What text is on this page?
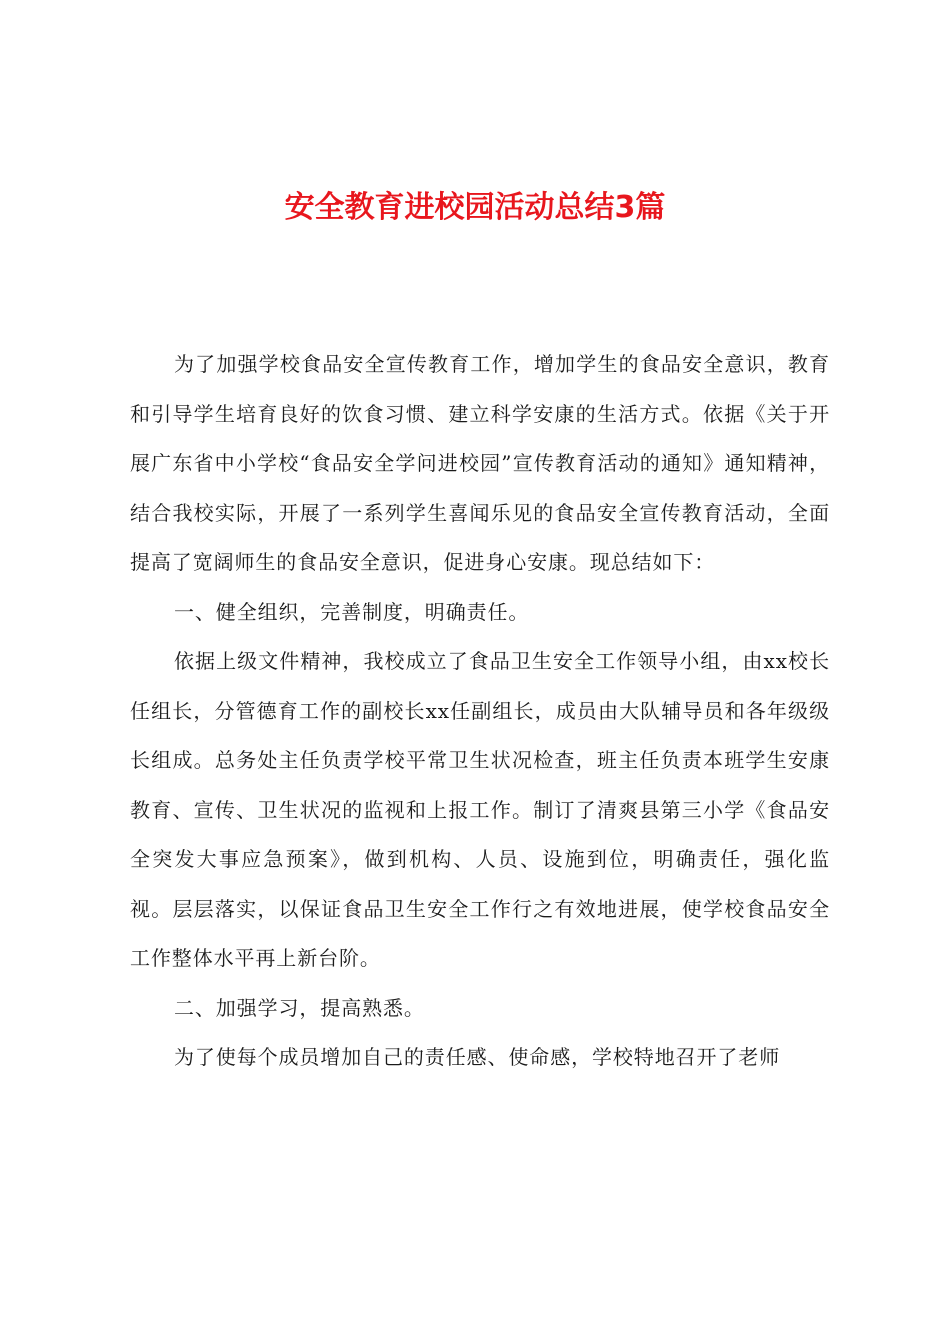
安全教育进校园活动总结3篇

为了加强学校食品安全宣传教育工作，增加学生的食品安全意识，教育和引导学生培育良好的饮食习惯、建立科学安康的生活方式。依据《关于开展广东省中小学校“食品安全学问进校园”宣传教育活动的通知》通知精神，结合我校实际，开展了一系列学生喜闻乐见的食品安全宣传教育活动，全面提高了宽阔师生的食品安全意识，促进身心安康。现总结如下：

一、健全组织，完善制度，明确责任。

依据上级文件精神，我校成立了食品卫生安全工作领导小组，由xx校长任组长，分管德育工作的副校长xx任副组长，成员由大队辅导员和各年级级长组成。总务处主任负责学校平常卫生状况检查，班主任负责本班学生安康教育、宣传、卫生状况的监视和上报工作。制订了清爽县第三小学《食品安全突发大事应急预案》，做到机构、人员、设施到位，明确责任，强化监视。层层落实，以保证食品卫生安全工作行之有效地进展，使学校食品安全工作整体水平再上新台阶。

二、加强学习，提高熟悉。

为了使每个成员增加自己的责任感、使命感，学校特地召开了老师
